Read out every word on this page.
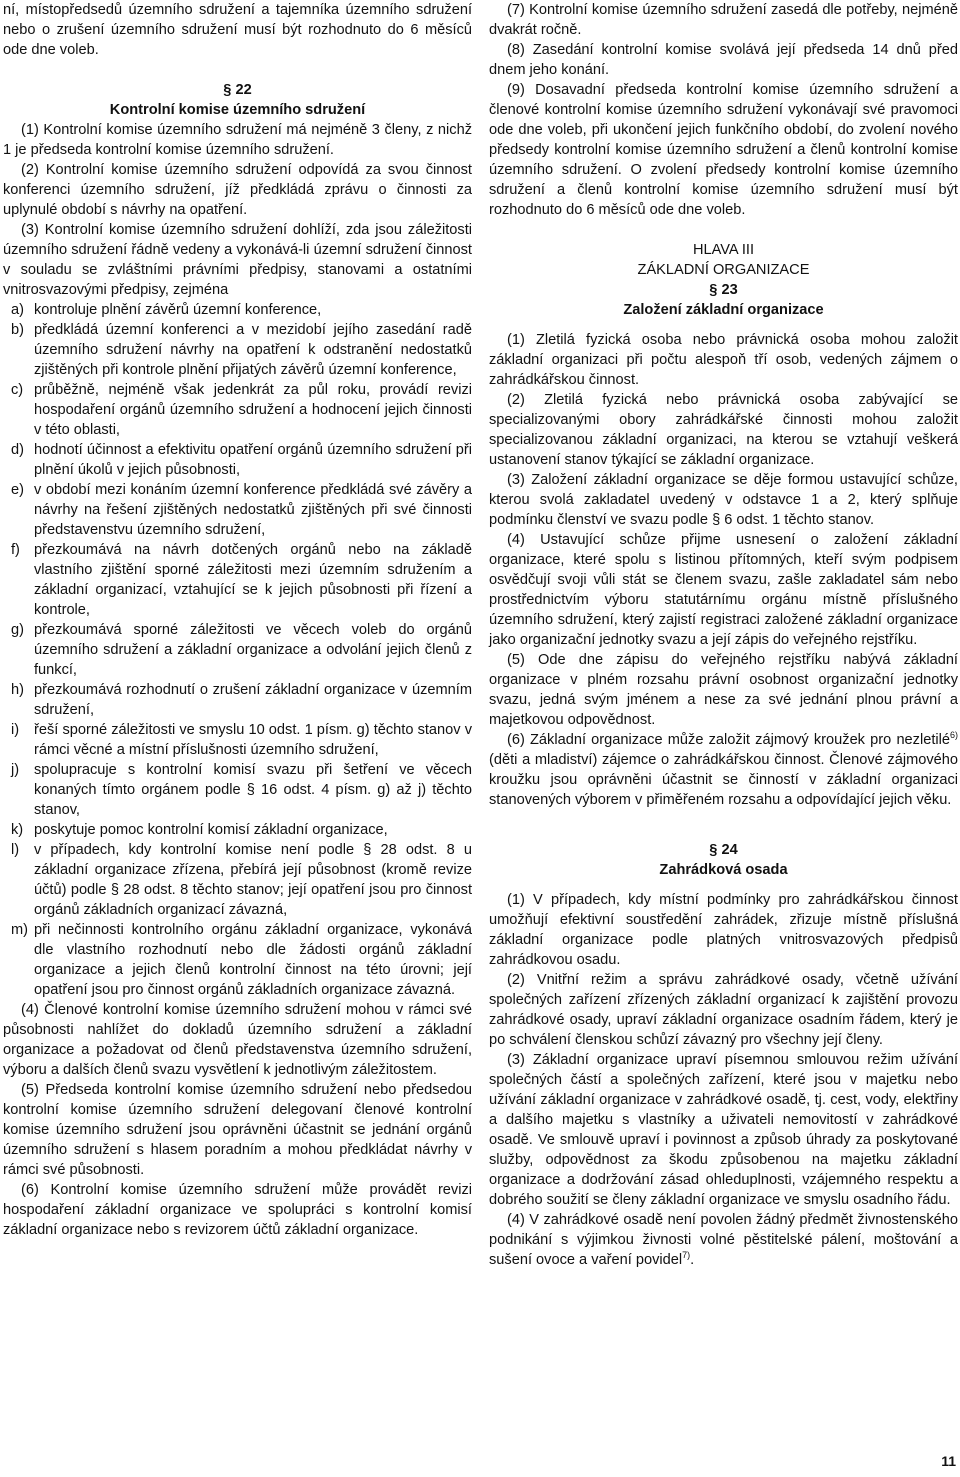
ní, místopředsedů územního sdružení a tajemníka územního sdružení nebo o zrušení územního sdružení musí být rozhodnuto do 6 měsíců ode dne voleb.

§ 22

Kontrolní komise územního sdružení

(1) Kontrolní komise územního sdružení má nejméně 3 členy, z nichž 1 je předseda kontrolní komise územního sdružení.

(2) Kontrolní komise územního sdružení odpovídá za svou činnost konferenci územního sdružení, jíž předkládá zprávu o činnosti za uplynulé období s návrhy na opatření.

(3) Kontrolní komise územního sdružení dohlíží, zda jsou záležitosti územního sdružení řádně vedeny a vykonává-li územní sdružení činnost v souladu se zvláštními právními předpisy, stanovami a ostatními vnitrosvazovými předpisy, zejména

a) kontroluje plnění závěrů územní konference,
b) předkládá územní konferenci a v mezidobí jejího zasedání radě územního sdružení návrhy na opatření k odstranění nedostatků zjištěných při kontrole plnění přijatých závěrů územní konference,
c) průběžně, nejméně však jedenkrát za půl roku, provádí revizi hospodaření orgánů územního sdružení a hodnocení jejich činnosti v této oblasti,
d) hodnotí účinnost a efektivitu opatření orgánů územního sdružení při plnění úkolů v jejich působnosti,
e) v období mezi konáním územní konference předkládá své závěry a návrhy na řešení zjištěných nedostatků zjištěných při své činnosti představenstvu územního sdružení,
f) přezkoumává na návrh dotčených orgánů nebo na základě vlastního zjištění sporné záležitosti mezi územním sdružením a základní organizací, vztahující se k jejich působnosti při řízení a kontrole,
g) přezkoumává sporné záležitosti ve věcech voleb do orgánů územního sdružení a základní organizace a odvolání jejich členů z funkcí,
h) přezkoumává rozhodnutí o zrušení základní organizace v územním sdružení,
i)	řeší sporné záležitosti ve smyslu 10 odst. 1 písm. g) těchto stanov v rámci věcné a místní příslušnosti územního sdružení,
j)	spolupracuje s kontrolní komisí svazu při šetření ve věcech konaných tímto orgánem podle § 16 odst. 4 písm. g) až j) těchto stanov,
k) poskytuje pomoc kontrolní komisí základní organizace,
l)	v případech, kdy kontrolní komise není podle § 28 odst. 8 u základní organizace zřízena, přebírá její působnost (kromě revize účtů) podle § 28 odst. 8 těchto stanov; její opatření jsou pro činnost orgánů základních organizací závazná,
m) při nečinnosti kontrolního orgánu základní organizace, vykonává dle vlastního rozhodnutí nebo dle žádosti orgánů základní organizace a jejich členů kontrolní činnost na této úrovni; její opatření jsou pro činnost orgánů základních organizace závazná.

(4) Členové kontrolní komise územního sdružení mohou v rámci své působnosti nahlížet do dokladů územního sdružení a základní organizace a požadovat od členů představenstva územního sdružení, výboru a dalších členů svazu vysvětlení k jednotlivým záležitostem.

(5) Předseda kontrolní komise územního sdružení nebo předsedou kontrolní komise územního sdružení delegovaní členové kontrolní komise územního sdružení jsou oprávněni účastnit se jednání orgánů územního sdružení s hlasem poradním a mohou předkládat návrhy v rámci své působnosti.

(6) Kontrolní komise územního sdružení může provádět revizi hospodaření základní organizace ve spolupráci s kontrolní komisí základní organizace nebo s revizorem účtů základní organizace.

(7) Kontrolní komise územního sdružení zasedá dle potřeby, nejméně dvakrát ročně.

(8) Zasedání kontrolní komise svolává její předseda 14 dnů před dnem jeho konání.

(9) Dosavadní předseda kontrolní komise územního sdružení a členové kontrolní komise územního sdružení vykonávají své pravomoci ode dne voleb, při ukončení jejich funkčního období, do zvolení nového předsedy kontrolní komise územního sdružení a členů kontrolní komise územního sdružení. O zvolení předsedy kontrolní komise územního sdružení a členů kontrolní komise územního sdružení musí být rozhodnuto do 6 měsíců ode dne voleb.

HLAVA III

ZÁKLADNÍ ORGANIZACE

§ 23

Založení základní organizace

(1) Zletilá fyzická osoba nebo právnická osoba mohou založit základní organizaci při počtu alespoň tří osob, vedených zájmem o zahrádkářskou činnost.

(2) Zletilá fyzická nebo právnická osoba zabývající se specializovanými obory zahrádkářské činnosti mohou založit specializovanou základní organizaci, na kterou se vztahují veškerá ustanovení stanov týkající se základní organizace.

(3) Založení základní organizace se děje formou ustavující schůze, kterou svolá zakladatel uvedený v odstavce 1 a 2, který splňuje podmínku členství ve svazu podle § 6 odst. 1 těchto stanov.

(4) Ustavující schůze přijme usnesení o založení základní organizace, které spolu s listinou přítomných, kteří svým podpisem osvědčují svoji vůli stát se členem svazu, zašle zakladatel sám nebo prostřednictvím výboru statutárnímu orgánu místně příslušného územního sdružení, který zajistí registraci založené základní organizace jako organizační jednotky svazu a její zápis do veřejného rejstříku.

(5) Ode dne zápisu do veřejného rejstříku nabývá základní organizace v plném rozsahu právní osobnost organizační jednotky svazu, jedná svým jménem a nese za své jednání plnou právní a majetkovou odpovědnost.

(6) Základní organizace může založit zájmový kroužek pro nezletilé$^{6)}$ (děti a mladiství) zájemce o zahrádkářskou činnost. Členové zájmového kroužku jsou oprávněni účastnit se činností v základní organizaci stanovených výborem v přiměřeném rozsahu a odpovídající jejich věku.

§ 24

Zahrádková osada

(1) V případech, kdy místní podmínky pro zahrádkářskou činnost umožňují efektivní soustředění zahrádek, zřizuje místně příslušná základní organizace podle platných vnitrosvazových předpisů zahrádkovou osadu.

(2) Vnitřní režim a správu zahrádkové osady, včetně užívání společných zařízení zřízených základní organizací k zajištění provozu zahrádkové osady, upraví základní organizace osadním řádem, který je po schválení členskou schůzí závazný pro všechny její členy.

(3) Základní organizace upraví písemnou smlouvou režim užívání společných částí a společných zařízení, které jsou v majetku nebo užívání základní organizace v zahrádkové osadě, tj. cest, vody, elektřiny a dalšího majetku s vlastníky a uživateli nemovitostí v zahrádkové osadě. Ve smlouvě upraví i povinnost a způsob úhrady za poskytované služby, odpovědnost za škodu způsobenou na majetku základní organizace a dodržování zásad ohleduplnosti, vzájemného respektu a dobrého soužití se členy základní organizace ve smyslu osadního řádu.

(4) V zahrádkové osadě není povolen žádný předmět živnostenského podnikání s výjimkou živnosti volné pěstitelské pálení, moštování a sušení ovoce a vaření povidel$^{7)}$.

11
